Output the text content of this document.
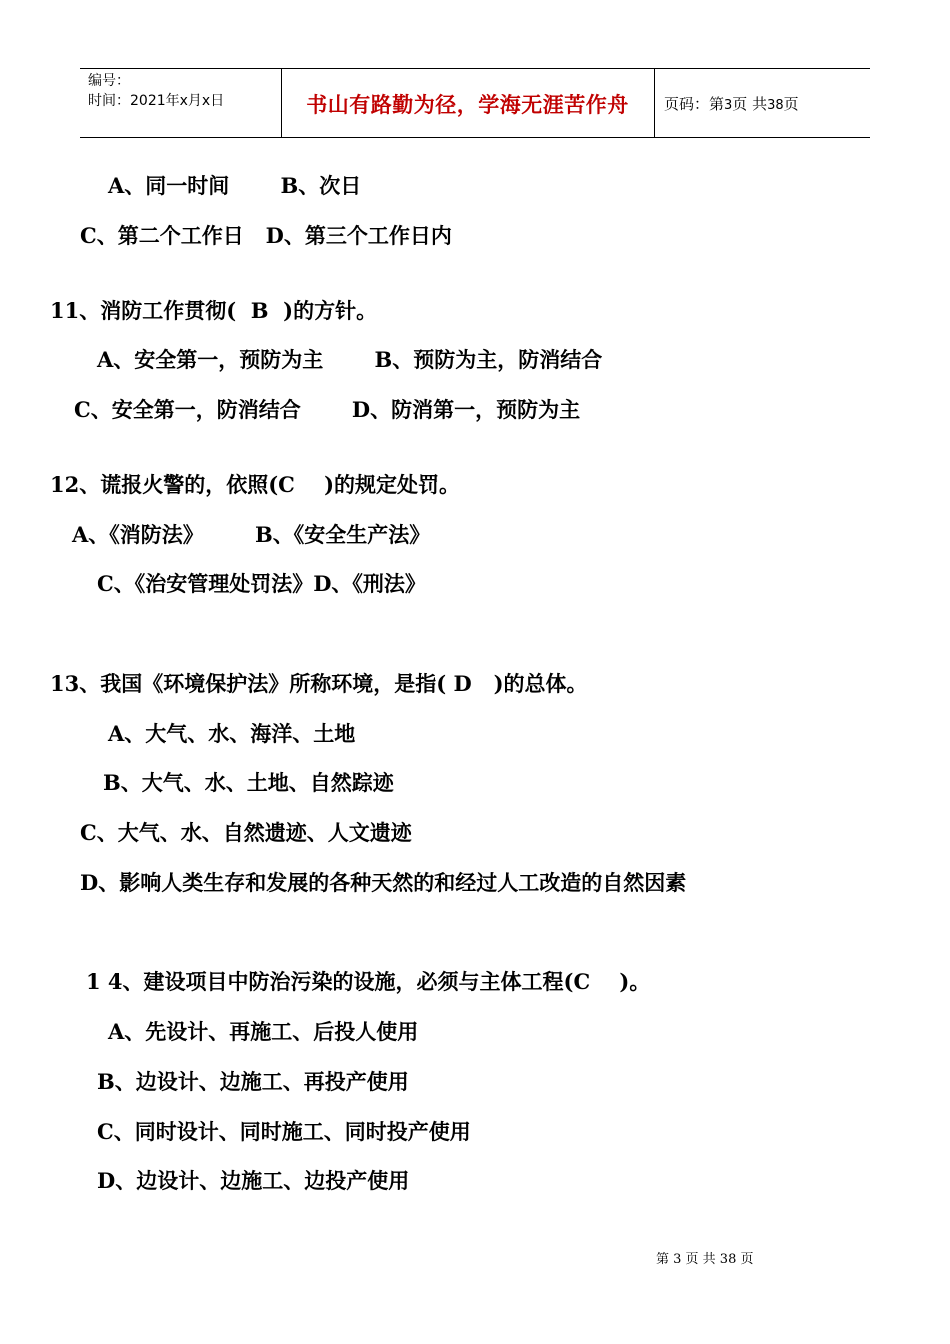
编号：
时间：2021年x月x日	书山有路勤为径，学海无涯苦作舟	页码：第3页 共38页
A、同一时间       B、次日
C、第二个工作日   D、第三个工作日内
11、消防工作贯彻(  B  )的方针。
A、安全第一，预防为主       B、预防为主，防消结合
C、安全第一，防消结合       D、防消第一，预防为主
12、谎报火警的，依照(C    )的规定处罚。
A、《消防法》       B、《安全生产法》
C、《治安管理处罚法》D、《刑法》
13、我国《环境保护法》所称环境，是指( D   )的总体。
A、大气、水、海洋、土地
B、大气、水、土地、自然踪迹
C、大气、水、自然遗迹、人文遗迹
D、影响人类生存和发展的各种天然的和经过人工改造的自然因素
1 4、建设项目中防治污染的设施，必须与主体工程(C    )。
A、先设计、再施工、后投人使用
B、边设计、边施工、再投产使用
C、同时设计、同时施工、同时投产使用
D、边设计、边施工、边投产使用
第 3 页 共 38 页
